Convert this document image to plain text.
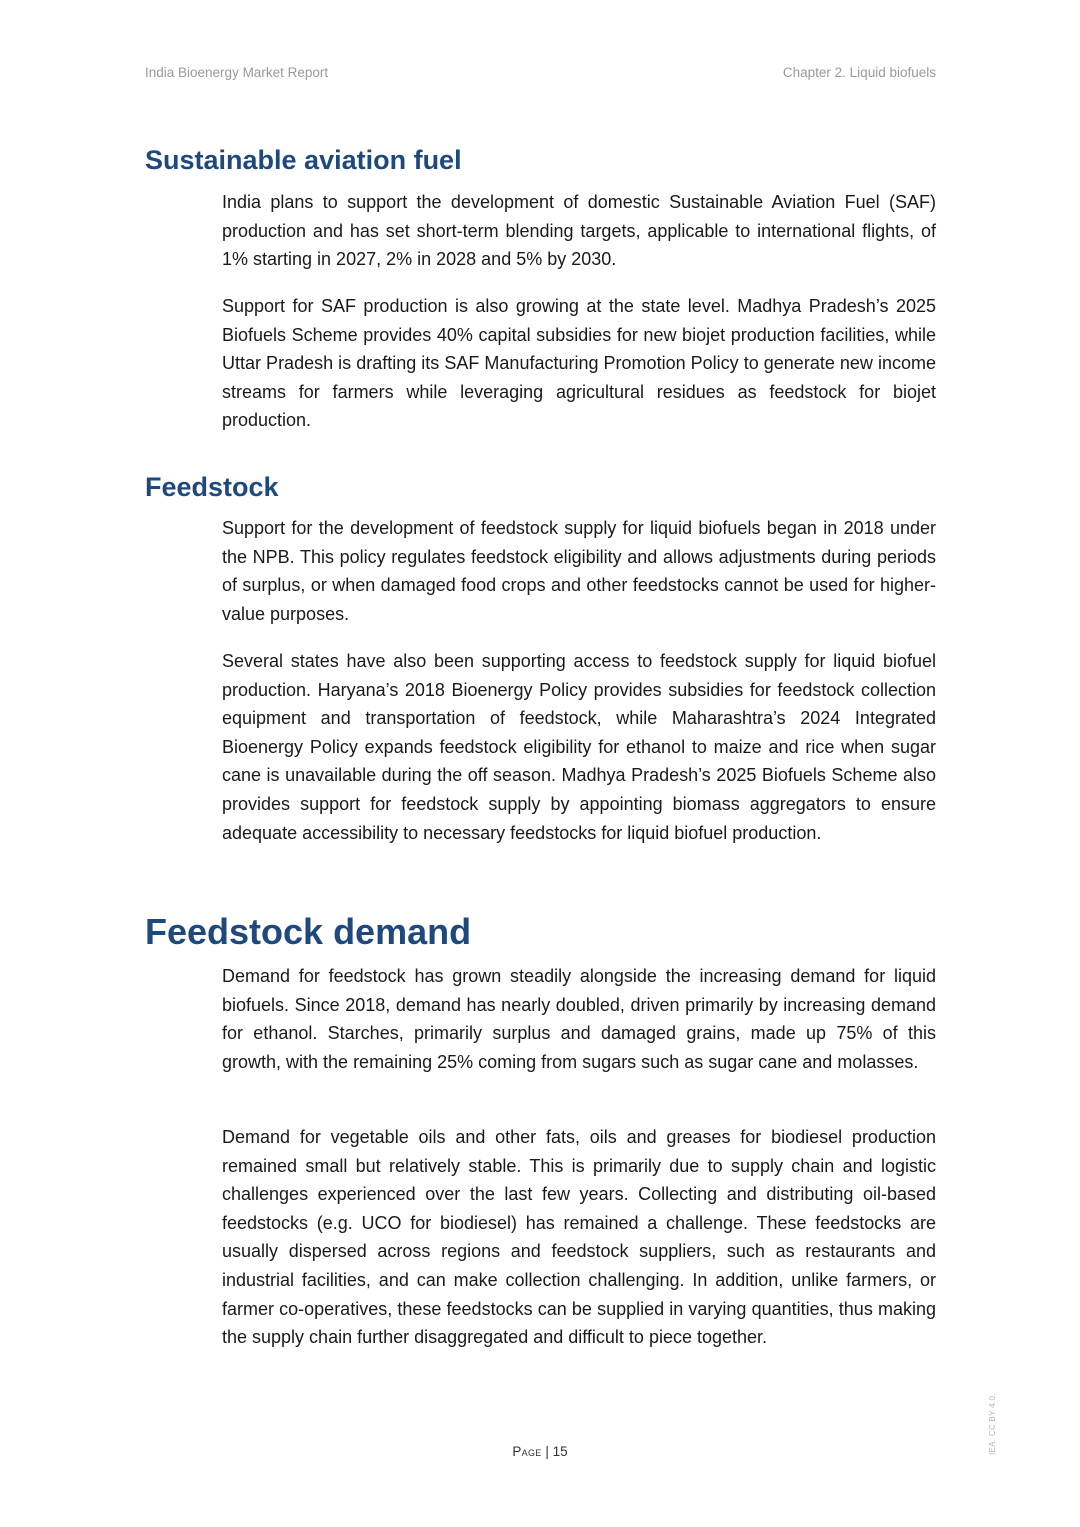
India Bioenergy Market Report	Chapter 2. Liquid biofuels
Sustainable aviation fuel

India plans to support the development of domestic Sustainable Aviation Fuel (SAF) production and has set short-term blending targets, applicable to international flights, of 1% starting in 2027, 2% in 2028 and 5% by 2030.

Support for SAF production is also growing at the state level. Madhya Pradesh’s 2025 Biofuels Scheme provides 40% capital subsidies for new biojet production facilities, while Uttar Pradesh is drafting its SAF Manufacturing Promotion Policy to generate new income streams for farmers while leveraging agricultural residues as feedstock for biojet production.

Feedstock

Support for the development of feedstock supply for liquid biofuels began in 2018 under the NPB. This policy regulates feedstock eligibility and allows adjustments during periods of surplus, or when damaged food crops and other feedstocks cannot be used for higher-value purposes.

Several states have also been supporting access to feedstock supply for liquid biofuel production. Haryana’s 2018 Bioenergy Policy provides subsidies for feedstock collection equipment and transportation of feedstock, while Maharashtra’s 2024 Integrated Bioenergy Policy expands feedstock eligibility for ethanol to maize and rice when sugar cane is unavailable during the off season. Madhya Pradesh’s 2025 Biofuels Scheme also provides support for feedstock supply by appointing biomass aggregators to ensure adequate accessibility to necessary feedstocks for liquid biofuel production.

Feedstock demand

Demand for feedstock has grown steadily alongside the increasing demand for liquid biofuels. Since 2018, demand has nearly doubled, driven primarily by increasing demand for ethanol. Starches, primarily surplus and damaged grains, made up 75% of this growth, with the remaining 25% coming from sugars such as sugar cane and molasses.

Demand for vegetable oils and other fats, oils and greases for biodiesel production remained small but relatively stable. This is primarily due to supply chain and logistic challenges experienced over the last few years. Collecting and distributing oil-based feedstocks (e.g. UCO for biodiesel) has remained a challenge. These feedstocks are usually dispersed across regions and feedstock suppliers, such as restaurants and industrial facilities, and can make collection challenging. In addition, unlike farmers, or farmer co-operatives, these feedstocks can be supplied in varying quantities, thus making the supply chain further disaggregated and difficult to piece together.

Page | 15	IEA. CC BY 4.0.
